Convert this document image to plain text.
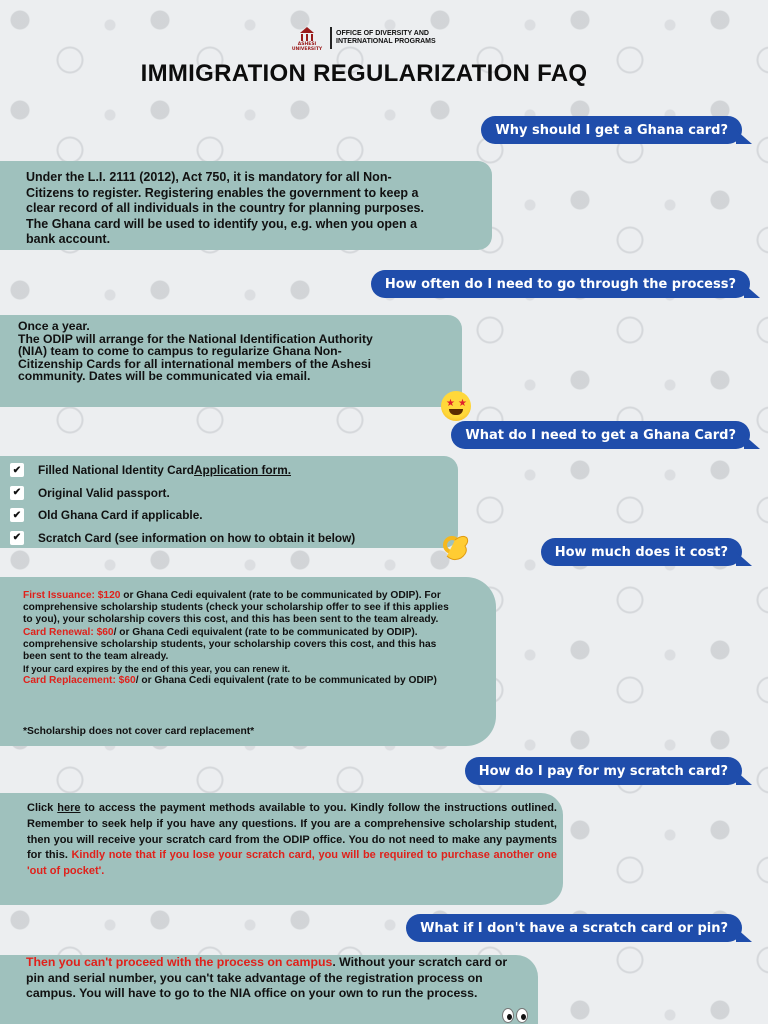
ASHESI UNIVERSITY
OFFICE OF DIVERSITY AND
INTERNATIONAL PROGRAMS
IMMIGRATION REGULARIZATION FAQ
Why should I get a Ghana card?
Under the L.I. 2111 (2012), Act 750, it is mandatory for all Non-
Citizens to register. Registering enables the government to keep a
clear record of all individuals in the country for planning purposes.
The Ghana card will be used to identify you, e.g. when you open a
bank account.
How often do I need to go through the process?
Once a year.
The ODIP will arrange for the National Identification Authority
(NIA) team to come to campus to regularize Ghana Non-
Citizenship Cards for all international members of the Ashesi
community. Dates will be communicated via email.
★ ★
What do I need to get a Ghana Card?
✔ Filled National Identity Card Application form.
✔ Original Valid passport.
✔ Old Ghana Card if applicable.
✔ Scratch Card (see information on how to obtain it below)
How much does it cost?
First Issuance: $120 or Ghana Cedi equivalent (rate to be communicated by ODIP). For
comprehensive scholarship students (check your scholarship offer to see if this applies
to you), your scholarship covers this cost, and this has been sent to the team already.
Card Renewal: $60/ or Ghana Cedi equivalent (rate to be communicated by ODIP).
comprehensive scholarship students, your scholarship covers this cost, and this has
been sent to the team already.
If your card expires by the end of this year, you can renew it.
Card Replacement: $60/ or Ghana Cedi equivalent (rate to be communicated by ODIP)
*Scholarship does not cover card replacement*
How do I pay for my scratch card?
Click here to access the payment methods available to you. Kindly follow the instructions outlined. Remember to seek help if you have any questions. If you are a comprehensive scholarship student, then you will receive your scratch card from the ODIP office. You do not need to make any payments for this. Kindly note that if you lose your scratch card, you will be required to purchase another one 'out of pocket'.
What if I don't have a scratch card or pin?
Then you can't proceed with the process on campus. Without your scratch card or pin and serial number, you can't take advantage of the registration process on campus. You will have to go to the NIA office on your own to run the process.
